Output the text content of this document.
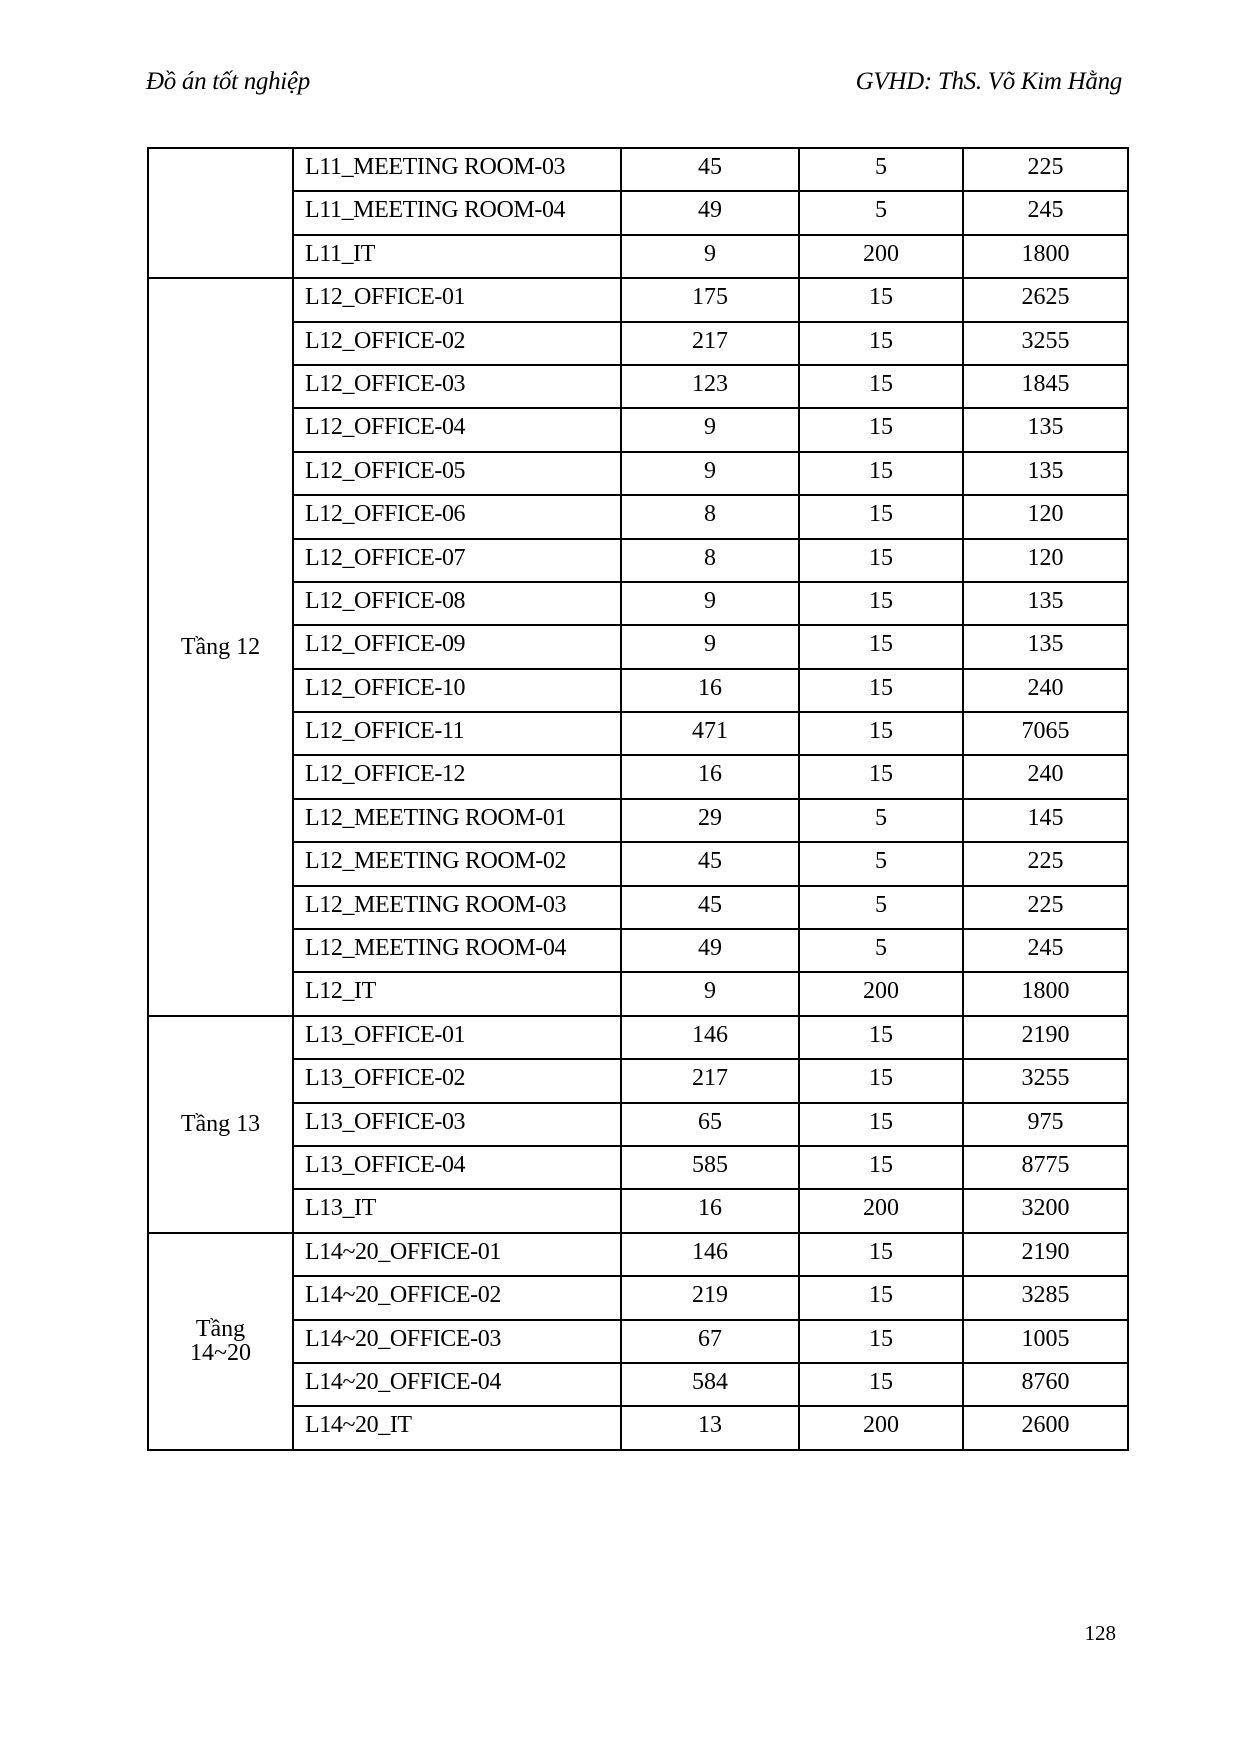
Đồ án tốt nghiệp	GVHD: ThS. Võ Kim Hằng
	L11_MEETING ROOM-03	45	5	225
	L11_MEETING ROOM-04	49	5	245
	L11_IT	9	200	1800
Tầng 12	L12_OFFICE-01	175	15	2625
	L12_OFFICE-02	217	15	3255
	L12_OFFICE-03	123	15	1845
	L12_OFFICE-04	9	15	135
	L12_OFFICE-05	9	15	135
	L12_OFFICE-06	8	15	120
	L12_OFFICE-07	8	15	120
	L12_OFFICE-08	9	15	135
	L12_OFFICE-09	9	15	135
	L12_OFFICE-10	16	15	240
	L12_OFFICE-11	471	15	7065
	L12_OFFICE-12	16	15	240
	L12_MEETING ROOM-01	29	5	145
	L12_MEETING ROOM-02	45	5	225
	L12_MEETING ROOM-03	45	5	225
	L12_MEETING ROOM-04	49	5	245
	L12_IT	9	200	1800
Tầng 13	L13_OFFICE-01	146	15	2190
	L13_OFFICE-02	217	15	3255
	L13_OFFICE-03	65	15	975
	L13_OFFICE-04	585	15	8775
	L13_IT	16	200	3200

Tầng
14~20	L14~20_OFFICE-01	146	15	2190
	L14~20_OFFICE-02	219	15	3285
	L14~20_OFFICE-03	67	15	1005
	L14~20_OFFICE-04	584	15	8760
	L14~20_IT	13	200	2600
128
